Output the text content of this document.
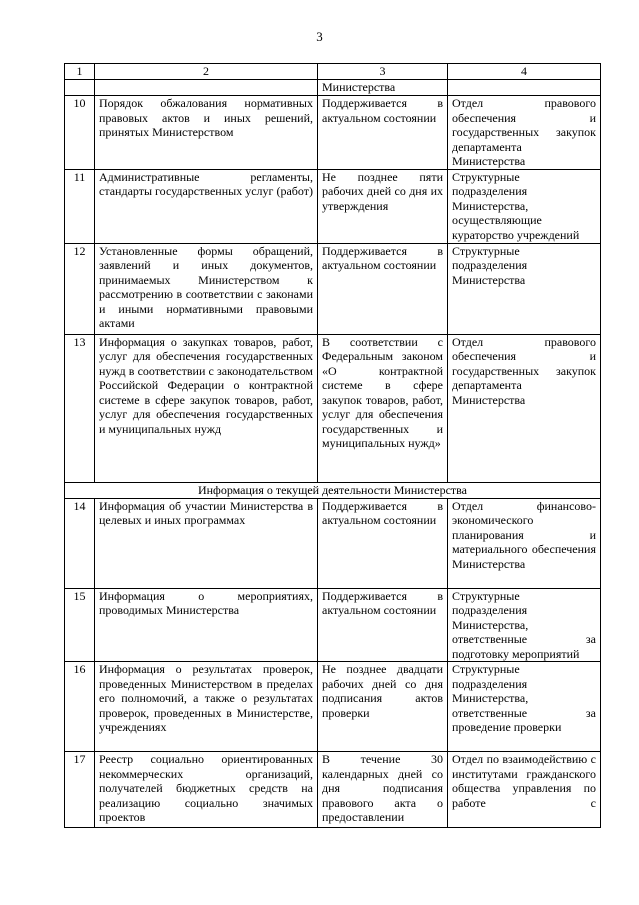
3
1	2	3	4
		Министерства	
10	Порядок обжалования нормативных правовых актов и иных решений, принятых Министерством	Поддерживается в актуальном состоянии	Отдел правового обеспечения и государственных закупок департамента Министерства
11	Административные регламенты, стандарты государственных услуг (работ)	Не позднее пяти рабочих дней со дня их утверждения	Структурные подразделения Министерства, осуществляющие кураторство учреждений
12	Установленные формы обращений, заявлений и иных документов, принимаемых Министерством к рассмотрению в соответствии с законами и иными нормативными правовыми актами	Поддерживается в актуальном состоянии	Структурные подразделения Министерства
13	Информация о закупках товаров, работ, услуг для обеспечения государственных нужд в соответствии с законодательством Российской Федерации о контрактной системе в сфере закупок товаров, работ, услуг для обеспечения государственных и муниципальных нужд	В соответствии с Федеральным законом «О контрактной системе в сфере закупок товаров, работ, услуг для обеспечения государственных и муниципальных нужд»	Отдел правового обеспечения и государственных закупок департамента Министерства
Информация о текущей деятельности Министерства			
14	Информация об участии Министерства в целевых и иных программах	Поддерживается в актуальном состоянии	Отдел финансово-экономического планирования и материального обеспечения Министерства
15	Информация о мероприятиях, проводимых Министерства	Поддерживается в актуальном состоянии	Структурные подразделения Министерства, ответственные за подготовку мероприятий
16	Информация о результатах проверок, проведенных Министерством в пределах его полномочий, а также о результатах проверок, проведенных в Министерстве, учреждениях	Не позднее двадцати рабочих дней со дня подписания актов проверки	Структурные подразделения Министерства, ответственные за проведение проверки
17	Реестр социально ориентированных некоммерческих организаций, получателей бюджетных средств на реализацию социально значимых проектов	В течение 30 календарных дней со дня подписания правового акта о предоставлении	Отдел по взаимодействию с институтами гражданского общества управления по работе с
